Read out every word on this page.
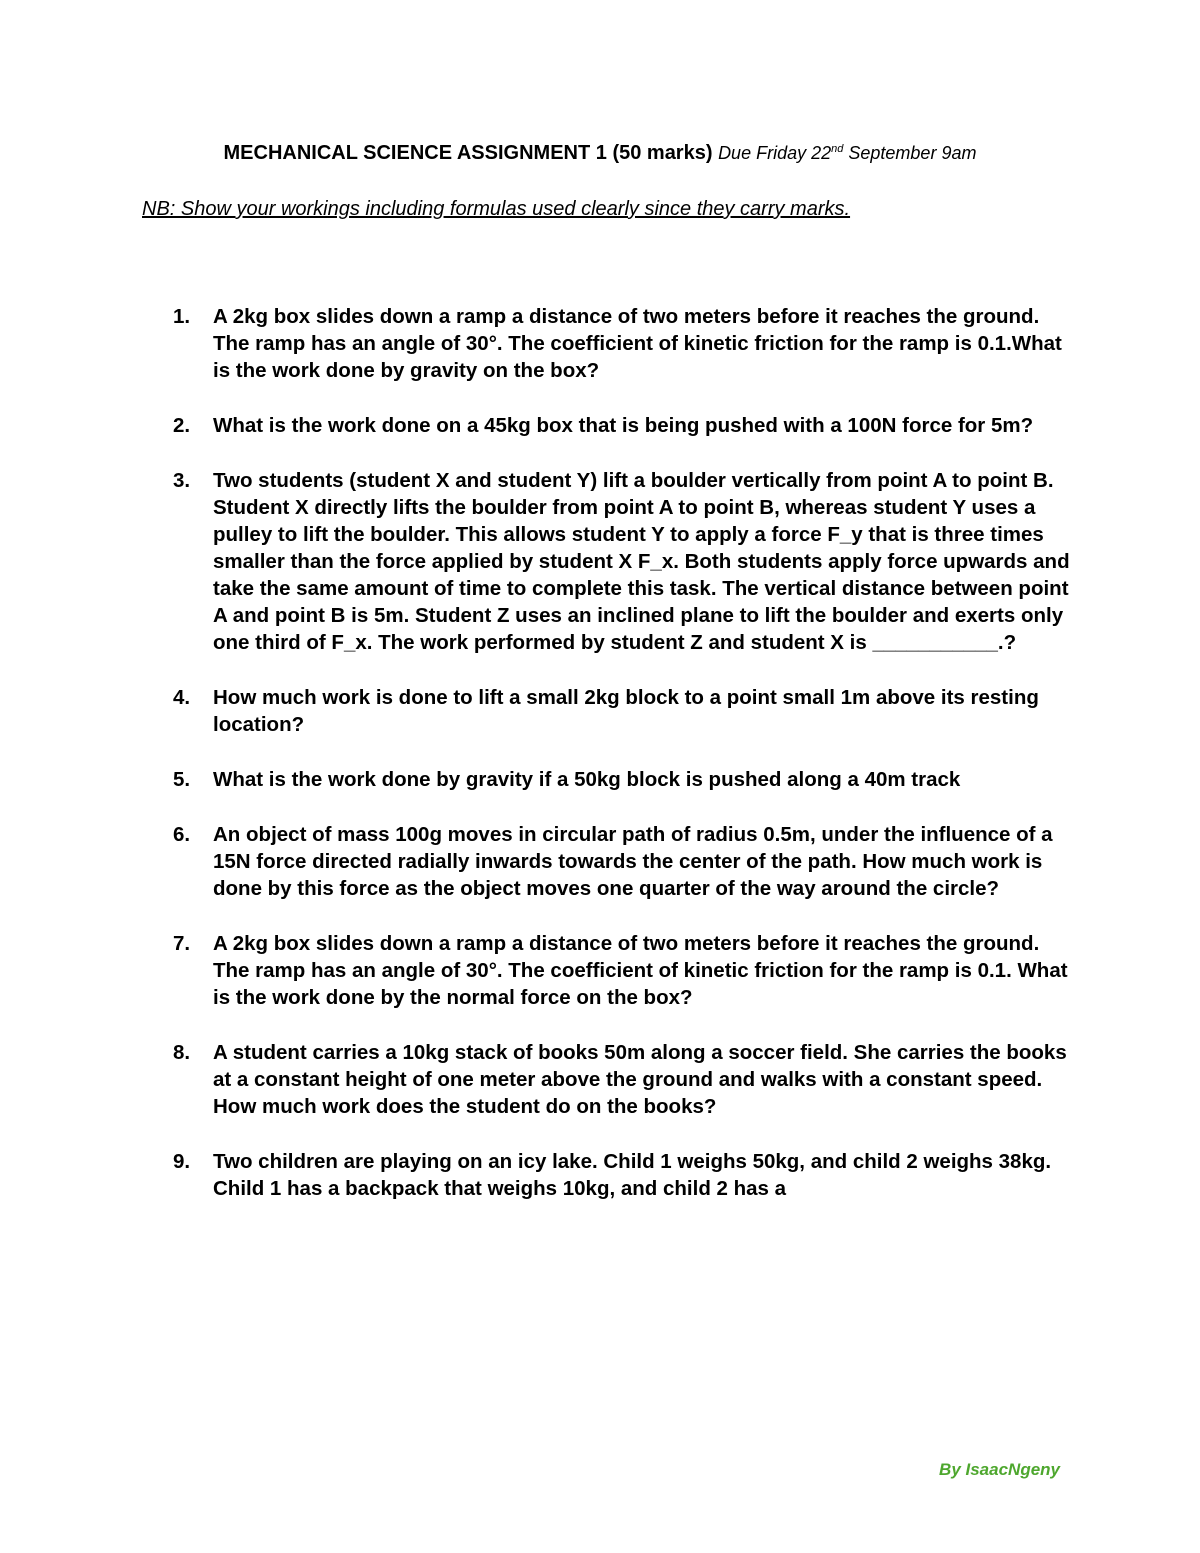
MECHANICAL SCIENCE ASSIGNMENT 1 (50 marks) Due Friday 22nd September 9am
NB: Show your workings including formulas used clearly since they carry marks.
1. A 2kg box slides down a ramp a distance of two meters before it reaches the ground. The ramp has an angle of 30°. The coefficient of kinetic friction for the ramp is 0.1.What is the work done by gravity on the box?
2. What is the work done on a 45kg box that is being pushed with a 100N force for 5m?
3. Two students (student X and student Y) lift a boulder vertically from point A to point B. Student X directly lifts the boulder from point A to point B, whereas student Y uses a pulley to lift the boulder. This allows student Y to apply a force F_y that is three times smaller than the force applied by student X F_x. Both students apply force upwards and take the same amount of time to complete this task. The vertical distance between point A and point B is 5m. Student Z uses an inclined plane to lift the boulder and exerts only one third of F_x. The work performed by student Z and student X is ___________.?
4. How much work is done to lift a small 2kg block to a point small 1m above its resting location?
5. What is the work done by gravity if a 50kg block is pushed along a 40m track
6. An object of mass 100g moves in circular path of radius 0.5m, under the influence of a 15N force directed radially inwards towards the center of the path. How much work is done by this force as the object moves one quarter of the way around the circle?
7. A 2kg box slides down a ramp a distance of two meters before it reaches the ground. The ramp has an angle of 30°. The coefficient of kinetic friction for the ramp is 0.1. What is the work done by the normal force on the box?
8. A student carries a 10kg stack of books 50m along a soccer field. She carries the books at a constant height of one meter above the ground and walks with a constant speed. How much work does the student do on the books?
9. Two children are playing on an icy lake. Child 1 weighs 50kg, and child 2 weighs 38kg. Child 1 has a backpack that weighs 10kg, and child 2 has a
By IsaacNgeny
